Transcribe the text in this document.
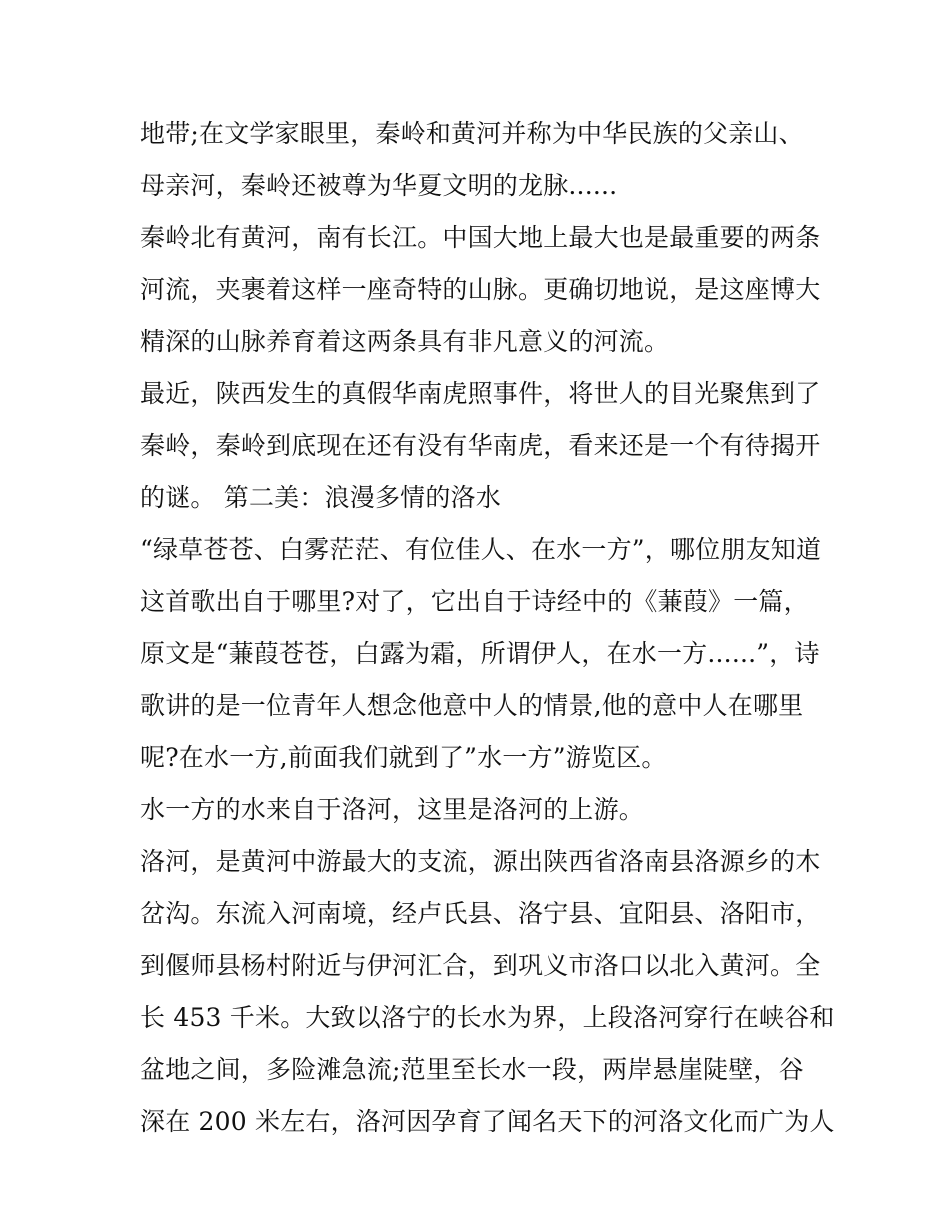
地带;在文学家眼里，秦岭和黄河并称为中华民族的父亲山、
母亲河，秦岭还被尊为华夏文明的龙脉......
秦岭北有黄河，南有长江。中国大地上最大也是最重要的两条
河流，夹裹着这样一座奇特的山脉。更确切地说，是这座博大
精深的山脉养育着这两条具有非凡意义的河流。
最近，陕西发生的真假华南虎照事件，将世人的目光聚焦到了
秦岭，秦岭到底现在还有没有华南虎，看来还是一个有待揭开
的谜。 第二美：浪漫多情的洛水
“绿草苍苍、白雾茫茫、有位佳人、在水一方”，哪位朋友知道
这首歌出自于哪里?对了，它出自于诗经中的《蒹葭》一篇，
原文是“蒹葭苍苍，白露为霜，所谓伊人，在水一方......”，诗
歌讲的是一位青年人想念他意中人的情景,他的意中人在哪里
呢?在水一方,前面我们就到了”水一方”游览区。
水一方的水来自于洛河，这里是洛河的上游。
洛河，是黄河中游最大的支流，源出陕西省洛南县洛源乡的木
岔沟。东流入河南境，经卢氏县、洛宁县、宜阳县、洛阳市，
到偃师县杨村附近与伊河汇合，到巩义市洛口以北入黄河。全
长 453 千米。大致以洛宁的长水为界，上段洛河穿行在峡谷和
盆地之间，多险滩急流;范里至长水一段，两岸悬崖陡壁，谷
深在 200 米左右，洛河因孕育了闻名天下的河洛文化而广为人
